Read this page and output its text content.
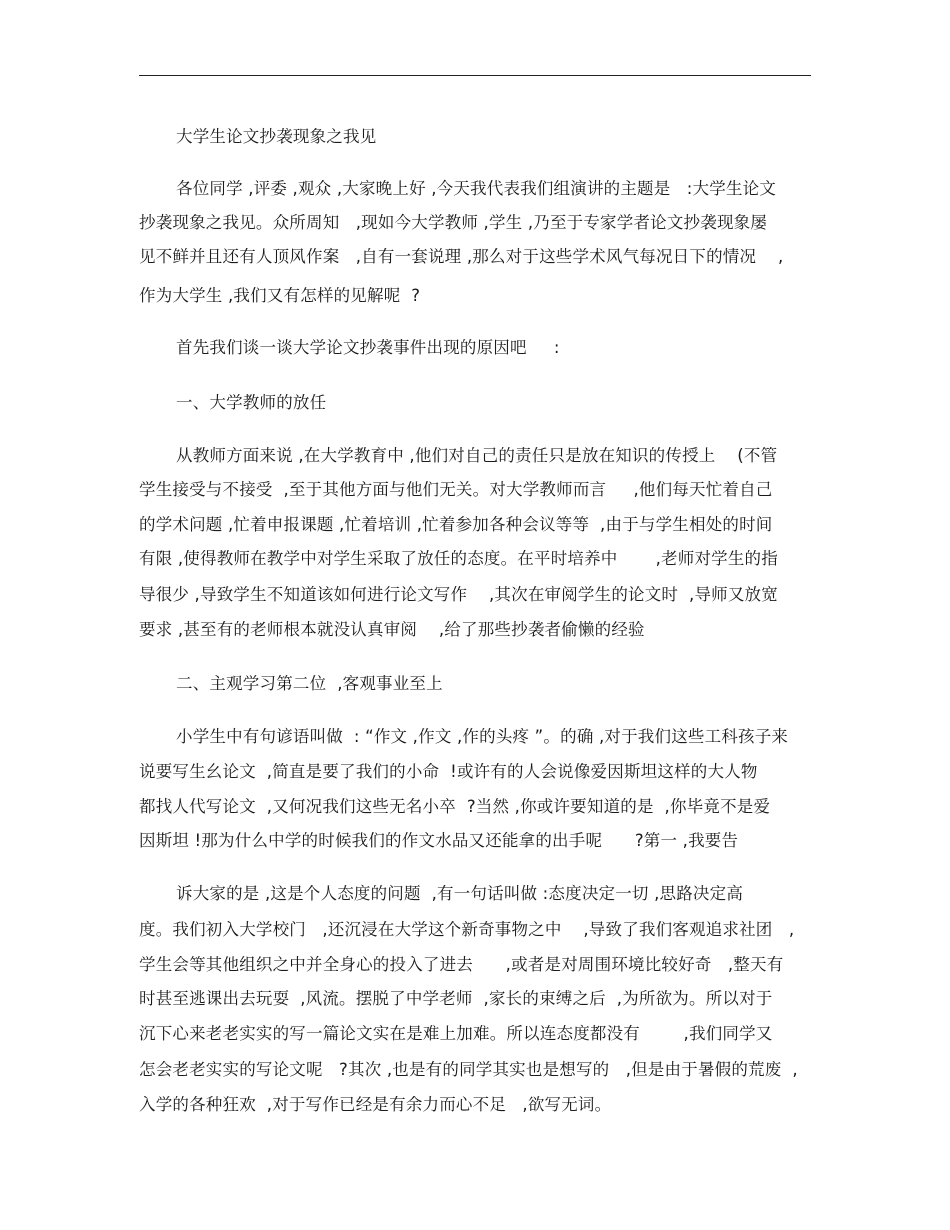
大学生论文抄袭现象之我见
各位同学 ,评委 ,观众 ,大家晚上好 ,今天我代表我们组演讲的主题是   :大学生论文
抄袭现象之我见。众所周知   ,现如今大学教师 ,学生 ,乃至于专家学者论文抄袭现象屡
见不鲜并且还有人顶风作案   ,自有一套说理 ,那么对于这些学术风气每况日下的情况    ,
作为大学生 ,我们又有怎样的见解呢  ?
首先我们谈一谈大学论文抄袭事件出现的原因吧     :
一、大学教师的放任
从教师方面来说 ,在大学教育中 ,他们对自己的责任只是放在知识的传授上    (不管
学生接受与不接受  ,至于其他方面与他们无关。对大学教师而言     ,他们每天忙着自己
的学术问题 ,忙着申报课题 ,忙着培训 ,忙着参加各种会议等等  ,由于与学生相处的时间
有限 ,使得教师在教学中对学生采取了放任的态度。在平时培养中       ,老师对学生的指
导很少 ,导致学生不知道该如何进行论文写作    ,其次在审阅学生的论文时  ,导师又放宽
要求 ,甚至有的老师根本就没认真审阅    ,给了那些抄袭者偷懒的经验
二、主观学习第二位  ,客观事业至上
小学生中有句谚语叫做  : “作文 ,作文 ,作的头疼 ”。的确 ,对于我们这些工科孩子来
说要写生幺论文  ,简直是要了我们的小命  !或许有的人会说像爱因斯坦这样的大人物
都找人代写论文  ,又何况我们这些无名小卒  ?当然 ,你或许要知道的是  ,你毕竟不是爱
因斯坦 !那为什么中学的时候我们的作文水品又还能拿的出手呢      ?第一 ,我要告
诉大家的是 ,这是个人态度的问题  ,有一句话叫做 :态度决定一切 ,思路决定高
度。我们初入大学校门   ,还沉浸在大学这个新奇事物之中    ,导致了我们客观追求社团   ,
学生会等其他组织之中并全身心的投入了进去      ,或者是对周围环境比较好奇   ,整天有
时甚至逃课出去玩耍  ,风流。摆脱了中学老师  ,家长的束缚之后  ,为所欲为。所以对于
沉下心来老老实实的写一篇论文实在是难上加难。所以连态度都没有        ,我们同学又
怎会老老实实的写论文呢   ?其次 ,也是有的同学其实也是想写的   ,但是由于暑假的荒废  ,
入学的各种狂欢  ,对于写作已经是有余力而心不足   ,欲写无词。
